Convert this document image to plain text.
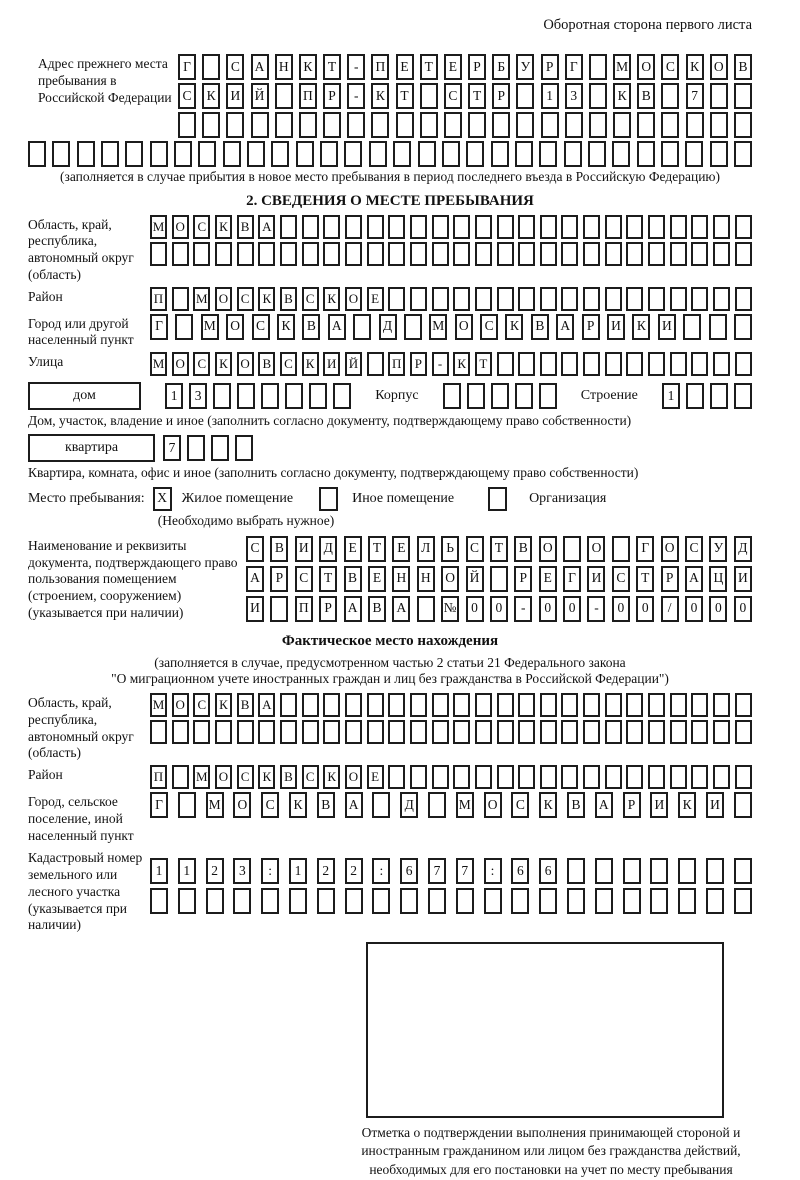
Оборотная сторона первого листа
Адрес прежнего места пребывания в Российской Федерации
Г	С	А	Н	К	Т	-	П	Е	Т	Е	Р	Б	У	Р	Г	М О	С	К	О	В
С	К	И	Й	П	Р	-	К	Т	С	Т	Р	1	3	К	В	7
(заполняется в случае прибытия в новое место пребывания в период последнего въезда в Российскую Федерацию)
2. СВЕДЕНИЯ О МЕСТЕ ПРЕБЫВАНИЯ
Область, край, республика, автономный округ (область)
М О С К В А
Район	П	М О С К В С К О Е
Город или другой населенный пункт
Г	М	О	С	К	В	А	Д	М	О	С	К	В	А	Р	И	К	И
Улица	М О С К О В С К И Й	П	Р	-	К	Т
дом	1	3	Корпус	Строение	1
Дом, участок, владение и иное (заполнить согласно документу, подтверждающему право собственности)
квартира	7
Квартира, комната, офис и иное (заполнить согласно документу, подтверждающему право собственности)
Место пребывания: X	Жилое помещение	Иное помещение	Организация
(Необходимо выбрать нужное)
Наименование и реквизиты документа, подтверждающего право пользования помещением (строением, сооружением) (указывается при наличии)
С	В	И	Д	Е	Т	Е	Л	Ь	С	Т	В	О	О	Г	О	С	У	Д
А	Р	С	Т	В	Е	Н	Н	О	Й	Р	Е	Г	И	С	Т	Р	А	Ц	И
И	П	Р	А	В	А	№	0	0	-	0	0	-	0	0	/	0	0	0
Фактическое место нахождения
(заполняется в случае, предусмотренном частью 2 статьи 21 Федерального закона
"О миграционном учете иностранных граждан и лиц без гражданства в Российской Федерации")
Область, край, республика, автономный округ (область)
М О С К В А
Район	П	М О С К В С К О Е
Город, сельское поселение, иной населенный пункт
Г	М	О	С	К	В	А	Д	М	О	С	К	В	А	Р	И	К	И
Кадастровый номер земельного или лесного участка (указывается при наличии)
1	1	2	3	:	1	2	2	:	6	7	7	:	6	6
Отметка о подтверждении выполнения принимающей стороной и иностранным гражданином или лицом без гражданства действий, необходимых для его постановки на учет по месту пребывания
